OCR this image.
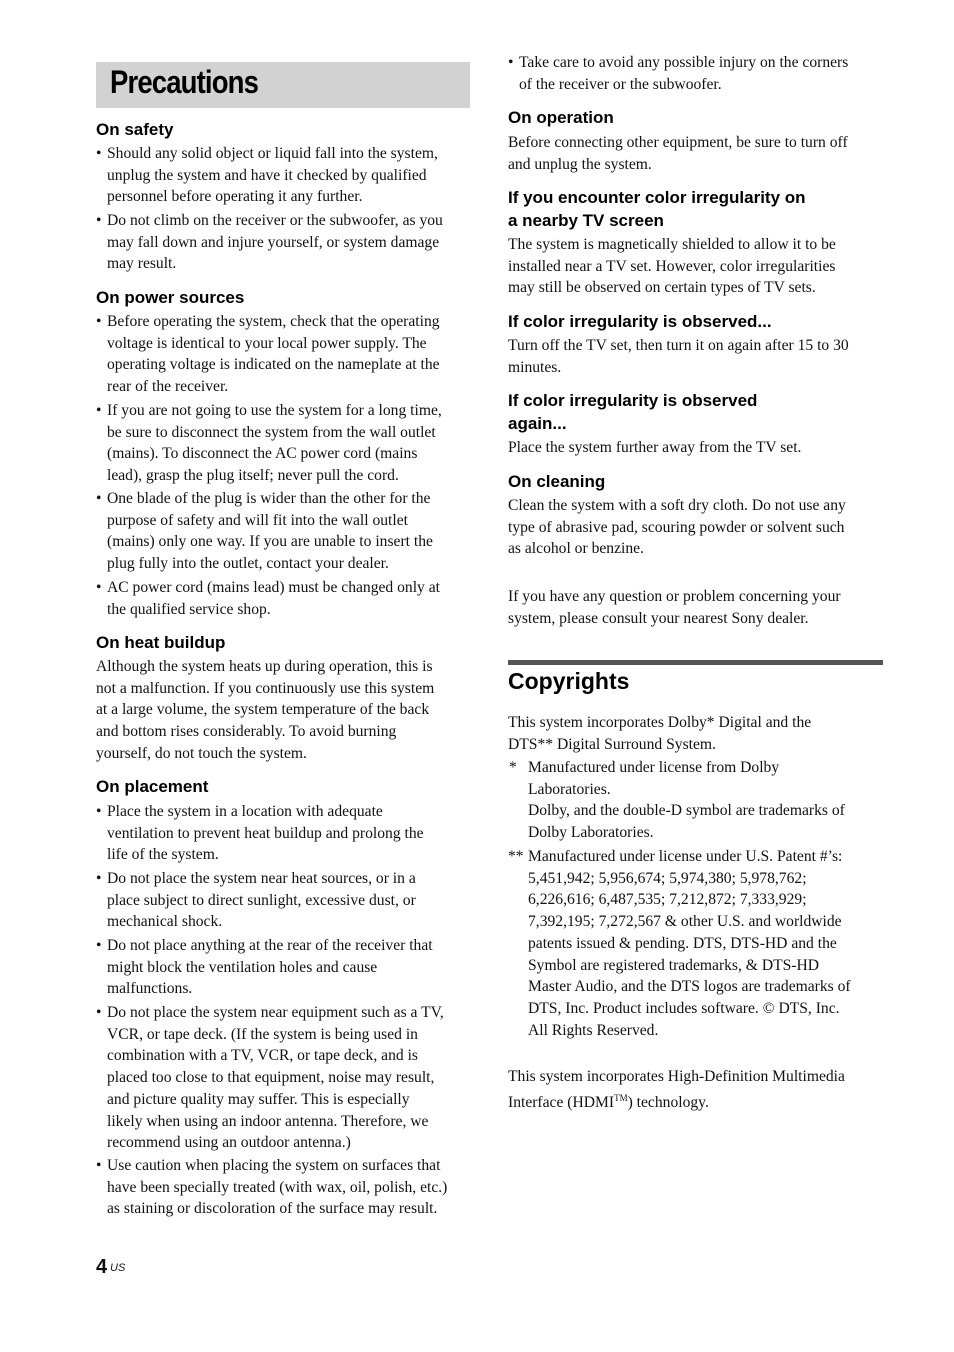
Precautions
On safety
• Should any solid object or liquid fall into the system,
unplug the system and have it checked by qualified
personnel before operating it any further.
• Do not climb on the receiver or the subwoofer, as you
may fall down and injure yourself, or system damage
may result.
On power sources
• Before operating the system, check that the operating
voltage is identical to your local power supply. The
operating voltage is indicated on the nameplate at the
rear of the receiver.
• If you are not going to use the system for a long time,
be sure to disconnect the system from the wall outlet
(mains). To disconnect the AC power cord (mains
lead), grasp the plug itself; never pull the cord.
• One blade of the plug is wider than the other for the
purpose of safety and will fit into the wall outlet
(mains) only one way. If you are unable to insert the
plug fully into the outlet, contact your dealer.
• AC power cord (mains lead) must be changed only at
the qualified service shop.
On heat buildup
Although the system heats up during operation, this is
not a malfunction. If you continuously use this system
at a large volume, the system temperature of the back
and bottom rises considerably. To avoid burning
yourself, do not touch the system.
On placement
• Place the system in a location with adequate
ventilation to prevent heat buildup and prolong the
life of the system.
• Do not place the system near heat sources, or in a
place subject to direct sunlight, excessive dust, or
mechanical shock.
• Do not place anything at the rear of the receiver that
might block the ventilation holes and cause
malfunctions.
• Do not place the system near equipment such as a TV,
VCR, or tape deck. (If the system is being used in
combination with a TV, VCR, or tape deck, and is
placed too close to that equipment, noise may result,
and picture quality may suffer. This is especially
likely when using an indoor antenna. Therefore, we
recommend using an outdoor antenna.)
• Use caution when placing the system on surfaces that
have been specially treated (with wax, oil, polish, etc.)
as staining or discoloration of the surface may result.
• Take care to avoid any possible injury on the corners
of the receiver or the subwoofer.
On operation
Before connecting other equipment, be sure to turn off
and unplug the system.
If you encounter color irregularity on
a nearby TV screen
The system is magnetically shielded to allow it to be
installed near a TV set. However, color irregularities
may still be observed on certain types of TV sets.
If color irregularity is observed...
Turn off the TV set, then turn it on again after 15 to 30
minutes.
If color irregularity is observed
again...
Place the system further away from the TV set.
On cleaning
Clean the system with a soft dry cloth. Do not use any
type of abrasive pad, scouring powder or solvent such
as alcohol or benzine.
If you have any question or problem concerning your
system, please consult your nearest Sony dealer.
Copyrights
This system incorporates Dolby* Digital and the
DTS** Digital Surround System.
* Manufactured under license from Dolby
Laboratories.
Dolby, and the double-D symbol are trademarks of
Dolby Laboratories.
** Manufactured under license under U.S. Patent #’s:
5,451,942; 5,956,674; 5,974,380; 5,978,762;
6,226,616; 6,487,535; 7,212,872; 7,333,929;
7,392,195; 7,272,567 & other U.S. and worldwide
patents issued & pending. DTS, DTS-HD and the
Symbol are registered trademarks, & DTS-HD
Master Audio, and the DTS logos are trademarks of
DTS, Inc. Product includes software. © DTS, Inc.
All Rights Reserved.
This system incorporates High-Definition Multimedia
Interface (HDMI™) technology.
4 US
